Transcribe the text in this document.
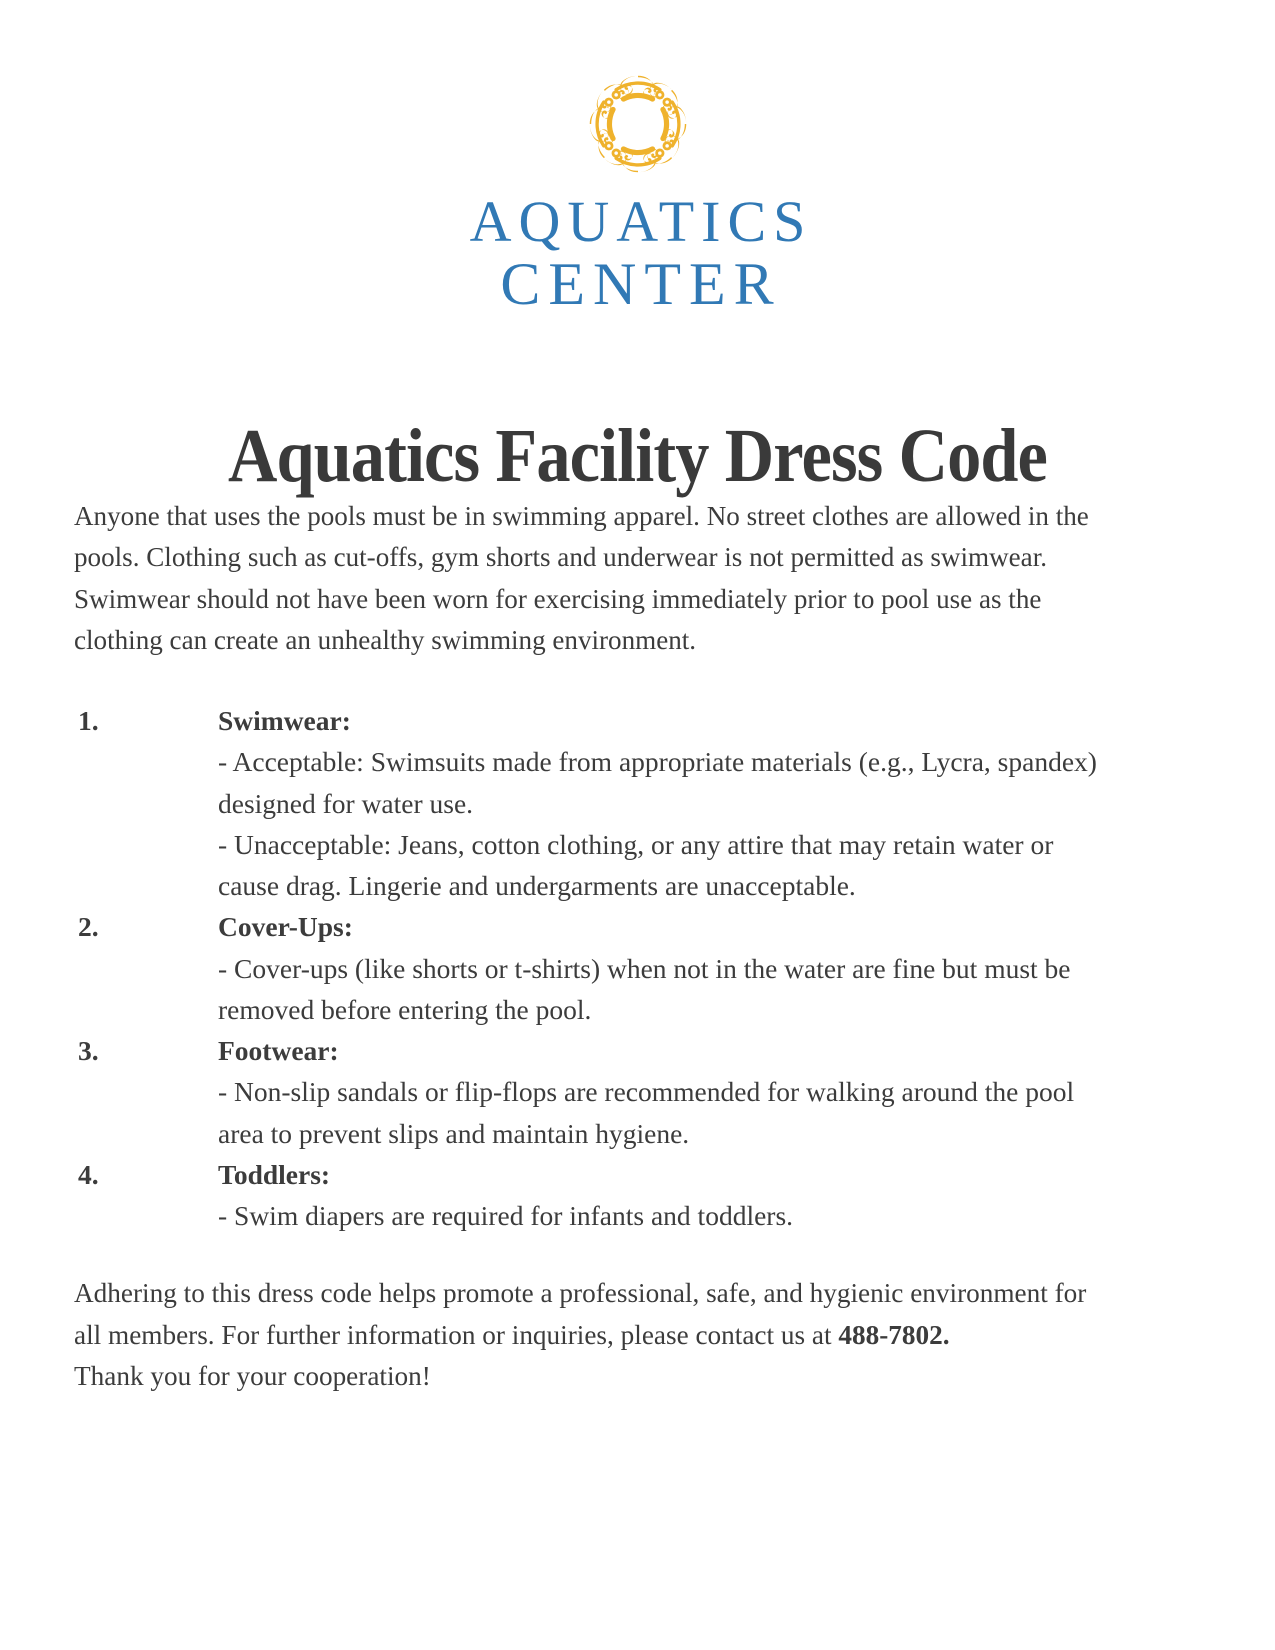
AQUATICS
CENTER
Aquatics Facility Dress Code

Anyone that uses the pools must be in swimming apparel. No street clothes are allowed in the pools. Clothing such as cut-offs, gym shorts and underwear is not permitted as swimwear. Swimwear should not have been worn for exercising immediately prior to pool use as the clothing can create an unhealthy swimming environment.

1.	Swimwear:
- Acceptable: Swimsuits made from appropriate materials (e.g., Lycra, spandex) designed for water use.
- Unacceptable: Jeans, cotton clothing, or any attire that may retain water or cause drag. Lingerie and undergarments are unacceptable.
2.	Cover-Ups:
- Cover-ups (like shorts or t-shirts) when not in the water are fine but must be removed before entering the pool.
3.	Footwear:
- Non-slip sandals or flip-flops are recommended for walking around the pool area to prevent slips and maintain hygiene.
4.	Toddlers:
- Swim diapers are required for infants and toddlers.

Adhering to this dress code helps promote a professional, safe, and hygienic environment for all members. For further information or inquiries, please contact us at 488-7802.

Thank you for your cooperation!
